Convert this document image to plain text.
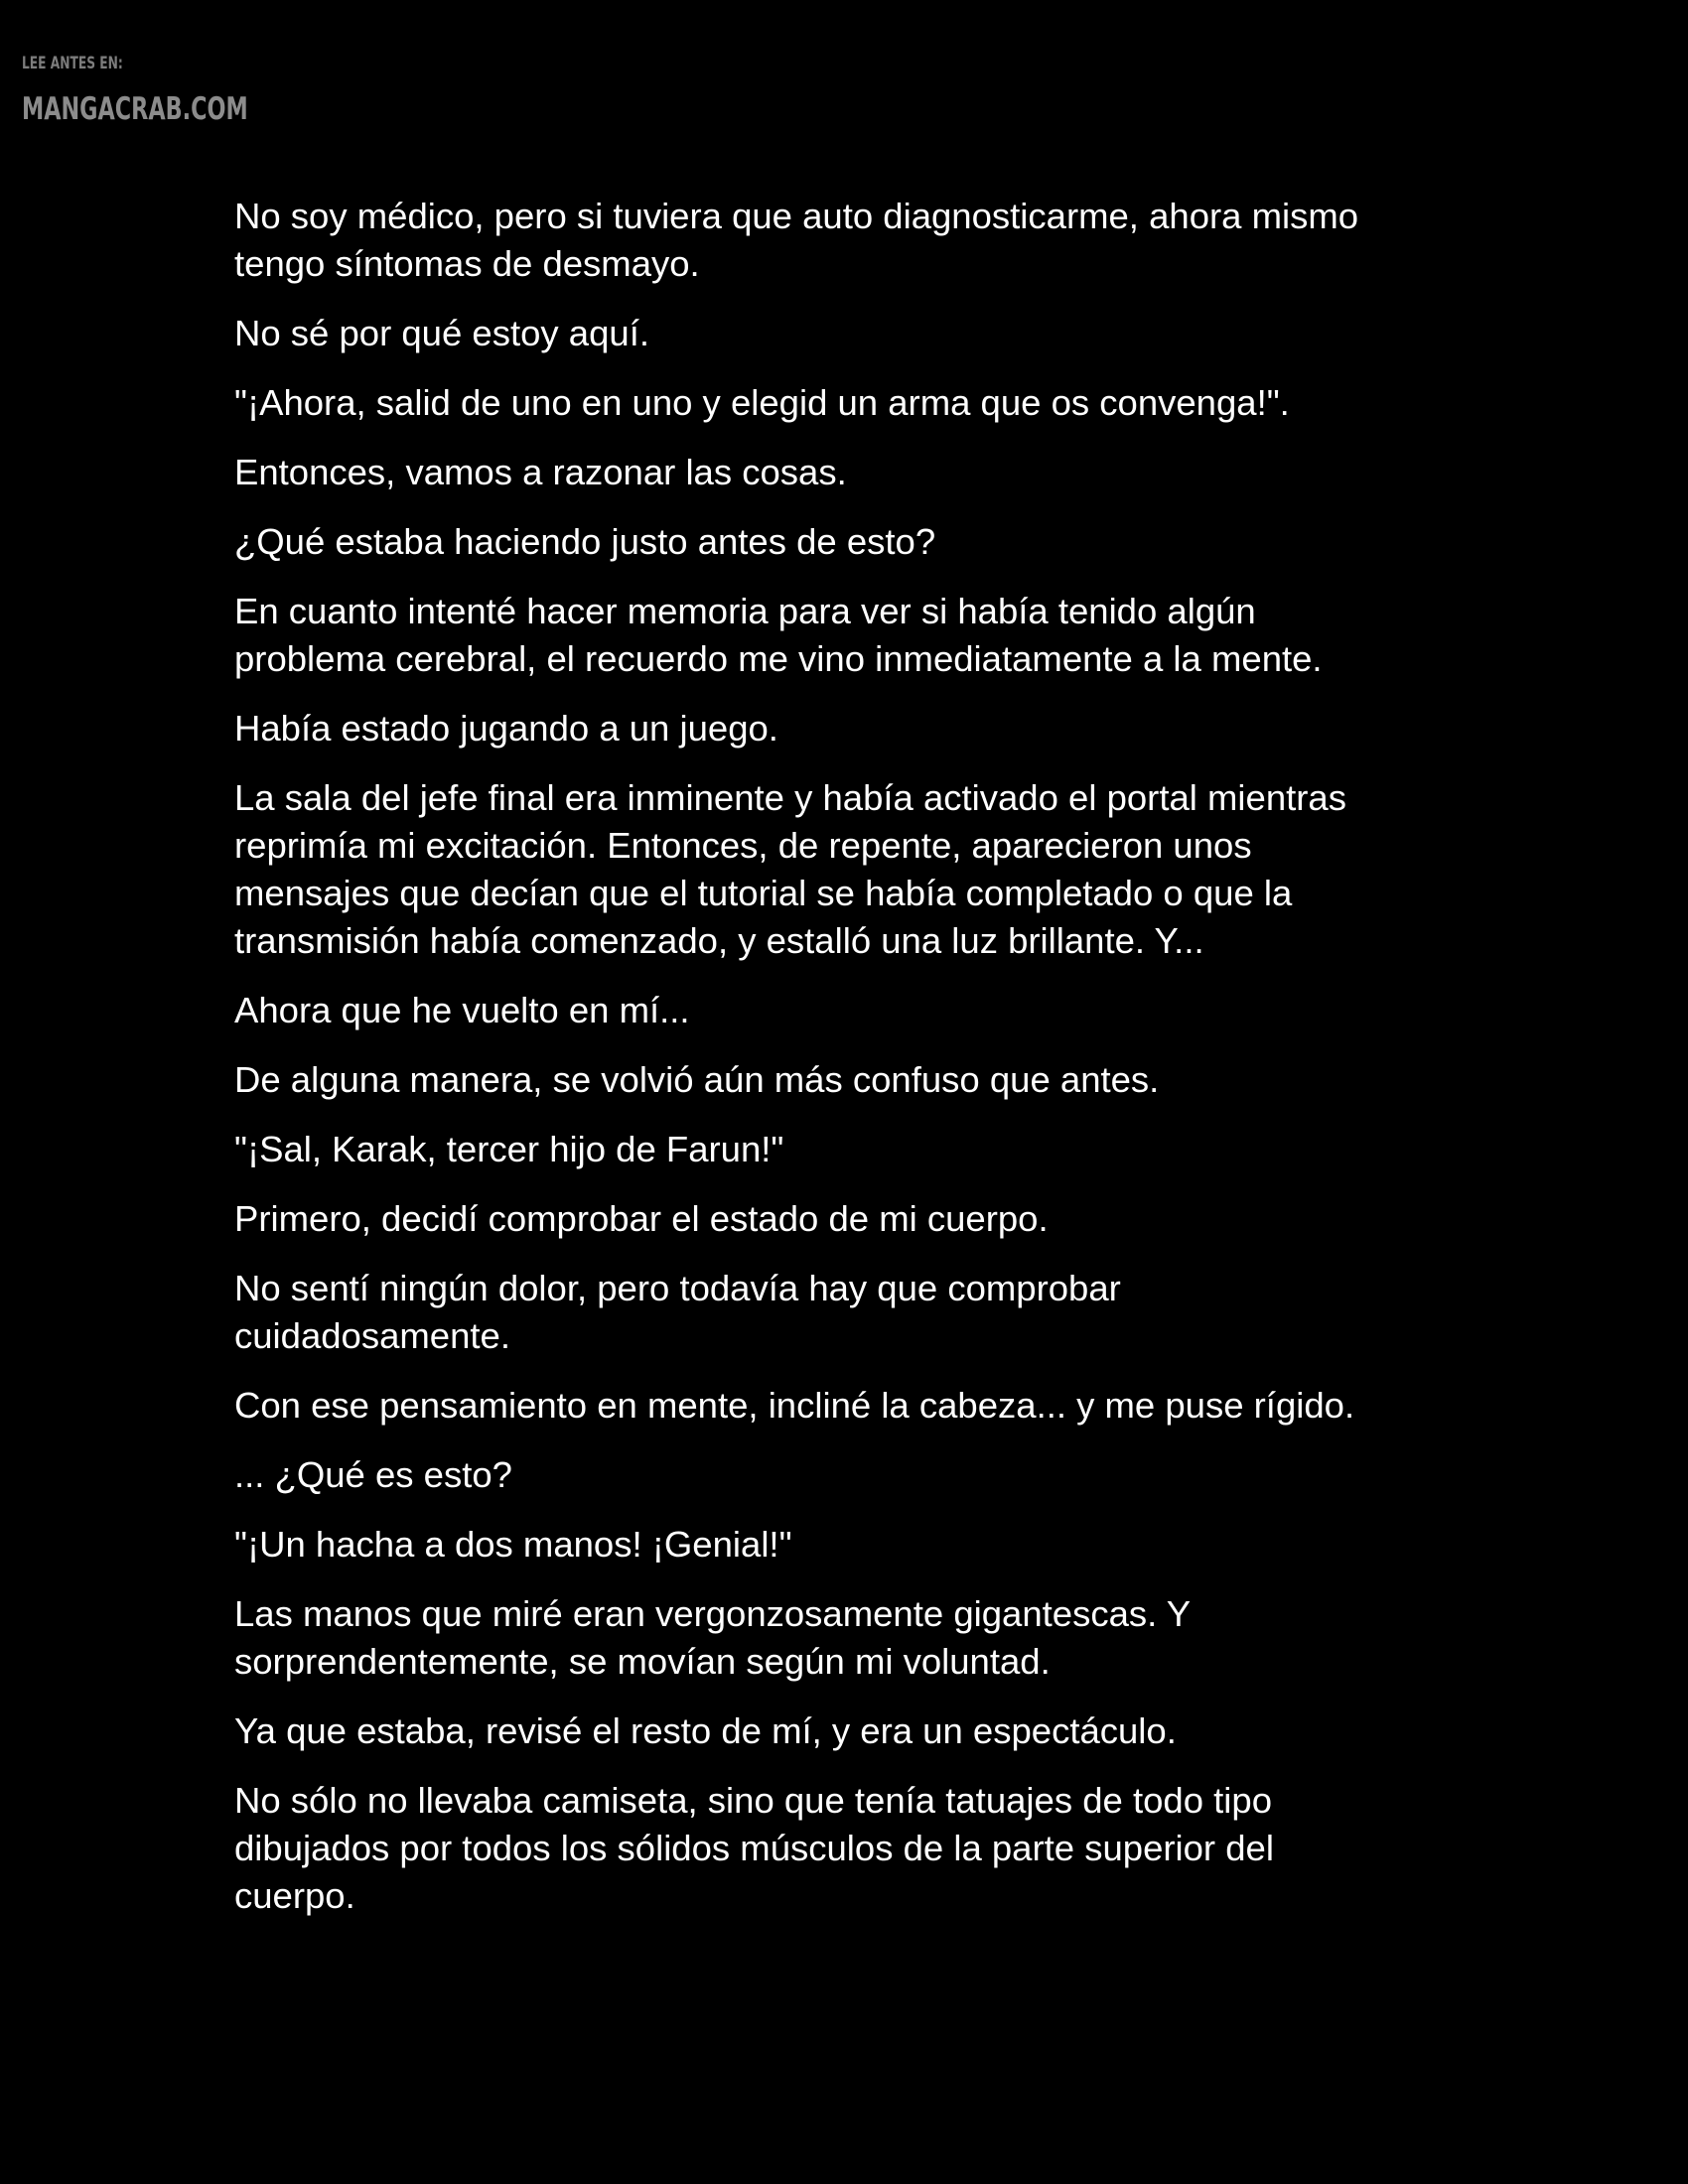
LEE ANTES EN:
MANGACRAB.COM

No soy médico, pero si tuviera que auto diagnosticarme, ahora mismo
tengo síntomas de desmayo.

No sé por qué estoy aquí.

"¡Ahora, salid de uno en uno y elegid un arma que os convenga!".

Entonces, vamos a razonar las cosas.

¿Qué estaba haciendo justo antes de esto?

En cuanto intenté hacer memoria para ver si había tenido algún
problema cerebral, el recuerdo me vino inmediatamente a la mente.

Había estado jugando a un juego.

La sala del jefe final era inminente y había activado el portal mientras
reprimía mi excitación. Entonces, de repente, aparecieron unos
mensajes que decían que el tutorial se había completado o que la
transmisión había comenzado, y estalló una luz brillante. Y...

Ahora que he vuelto en mí...

De alguna manera, se volvió aún más confuso que antes.

"¡Sal, Karak, tercer hijo de Farun!"

Primero, decidí comprobar el estado de mi cuerpo.

No sentí ningún dolor, pero todavía hay que comprobar
cuidadosamente.

Con ese pensamiento en mente, incliné la cabeza... y me puse rígido.

... ¿Qué es esto?

"¡Un hacha a dos manos! ¡Genial!"

Las manos que miré eran vergonzosamente gigantescas. Y
sorprendentemente, se movían según mi voluntad.

Ya que estaba, revisé el resto de mí, y era un espectáculo.

No sólo no llevaba camiseta, sino que tenía tatuajes de todo tipo
dibujados por todos los sólidos músculos de la parte superior del
cuerpo.
